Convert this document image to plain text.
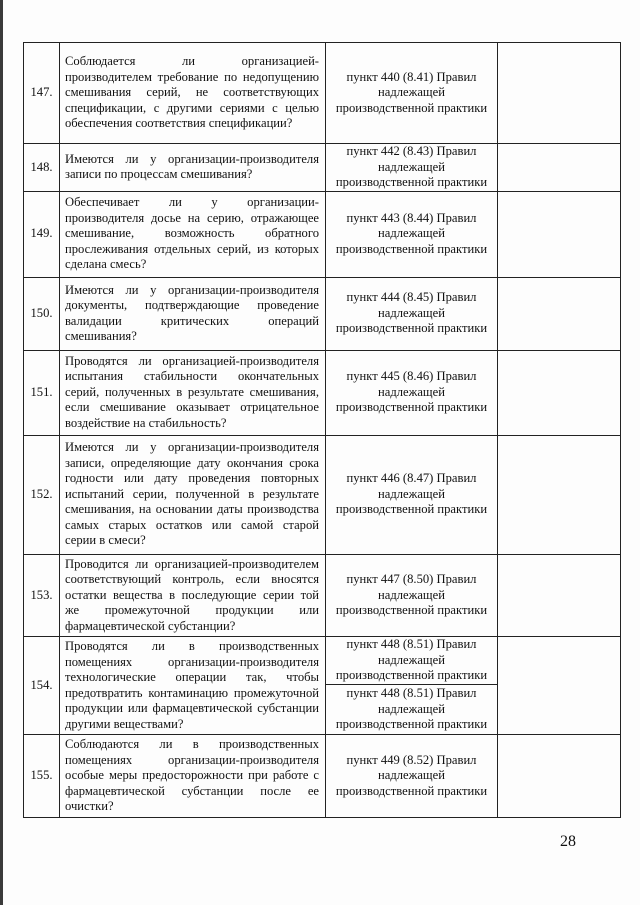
147.	Соблюдается ли организацией-производителем требование по недопущению смешивания серий, не соответствующих спецификации, с другими сериями с целью обеспечения соответствия спецификации?	пункт 440 (8.41) Правил надлежащей производственной практики	
148.	Имеются ли у организации-производителя записи по процессам смешивания?	пункт 442 (8.43) Правил надлежащей производственной практики	
149.	Обеспечивает ли у организации-производителя досье на серию, отражающее смешивание, возможность обратного прослеживания отдельных серий, из которых сделана смесь?	пункт 443 (8.44) Правил надлежащей производственной практики	
150.	Имеются ли у организации-производителя документы, подтверждающие проведение валидации критических операций смешивания?	пункт 444 (8.45) Правил надлежащей производственной практики	
151.	Проводятся ли организацией-производителя испытания стабильности окончательных серий, полученных в результате смешивания, если смешивание оказывает отрицательное воздействие на стабильность?	пункт 445 (8.46) Правил надлежащей производственной практики	
152.	Имеются ли у организации-производителя записи, определяющие дату окончания срока годности или дату проведения повторных испытаний серии, полученной в результате смешивания, на основании даты производства самых старых остатков или самой старой серии в смеси?	пункт 446 (8.47) Правил надлежащей производственной практики	
153.	Проводится ли организацией-производителем соответствующий контроль, если вносятся остатки вещества в последующие серии той же промежуточной продукции или фармацевтической субстанции?	пункт 447 (8.50) Правил надлежащей производственной практики	
154.	Проводятся ли в производственных помещениях организации-производителя технологические операции так, чтобы предотвратить контаминацию промежуточной продукции или фармацевтической субстанции другими веществами?	пункт 448 (8.51) Правил надлежащей производственной практики	
		пункт 448 (8.51) Правил надлежащей производственной практики	
155.	Соблюдаются ли в производственных помещениях организации-производителя особые меры предосторожности при работе с фармацевтической субстанции после ее очистки?	пункт 449 (8.52) Правил надлежащей производственной практики	
28
